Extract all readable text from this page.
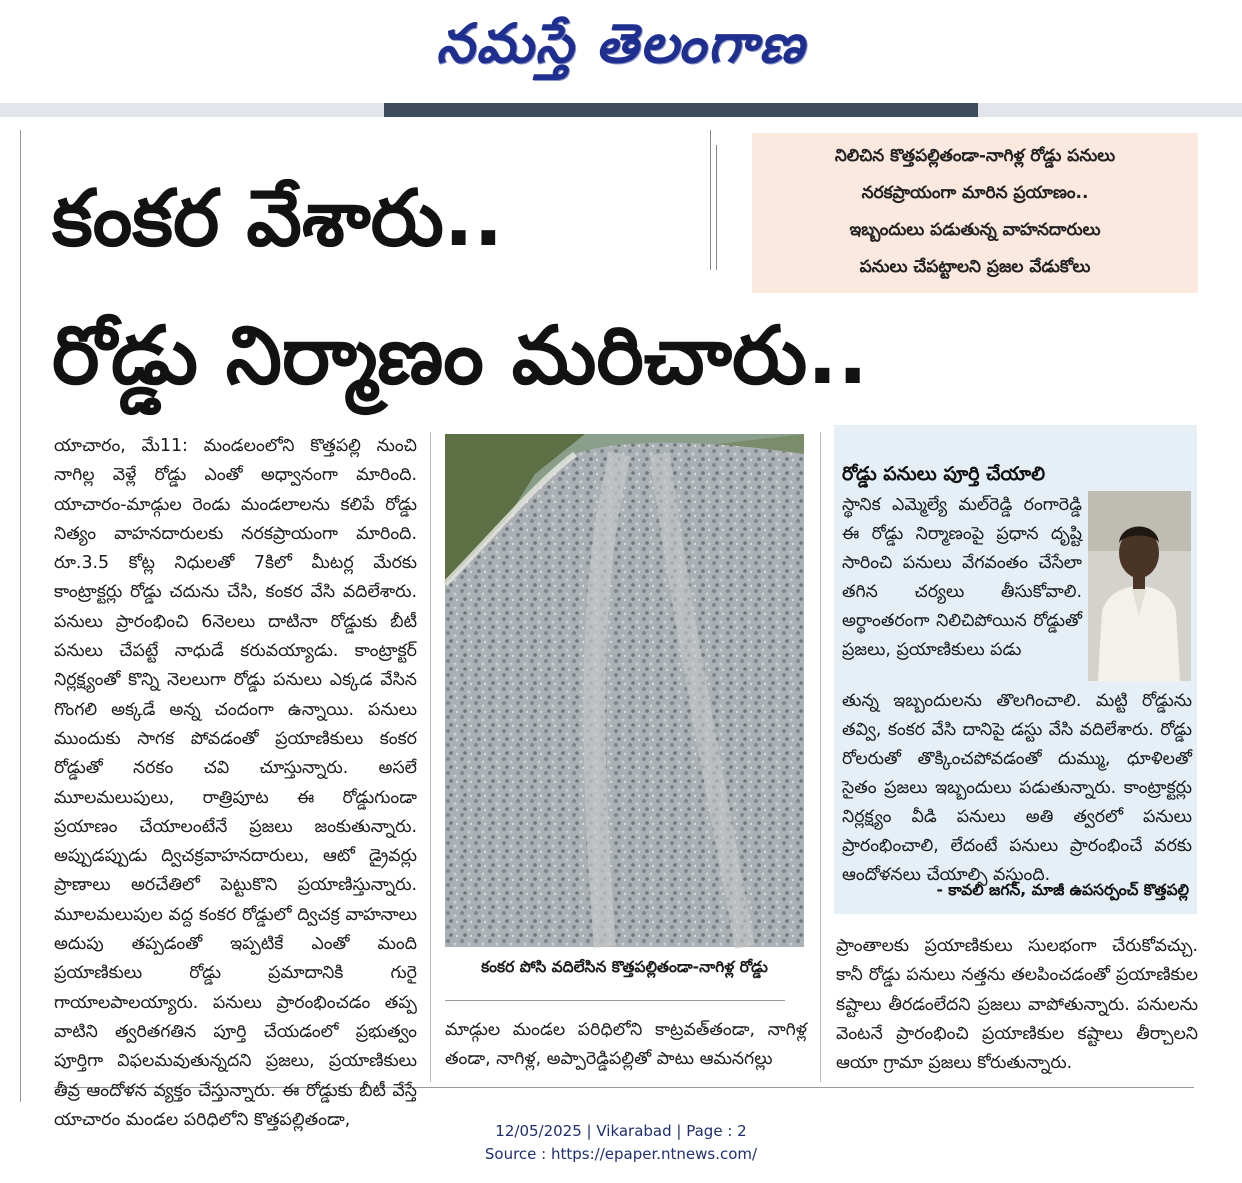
నమస్తే తెలంగాణ
కంకర వేశారు..
రోడ్డు నిర్మాణం మరిచారు..
నిలిచిన కొత్తపల్లితండా-నాగిళ్ల రోడ్డు పనులు
నరకప్రాయంగా మారిన ప్రయాణం..
ఇబ్బందులు పడుతున్న వాహనదారులు
పనులు చేపట్టాలని ప్రజల వేడుకోలు
యాచారం, మే11: మండలంలోని కొత్తపల్లి నుంచి నాగిల్ల వెళ్లే రోడ్డు ఎంతో అధ్వానంగా మారింది. యాచారం-మాడ్గుల రెండు మండలాలను కలిపే రోడ్డు నిత్యం వాహనదారులకు నరకప్రాయంగా మారింది. రూ.3.5 కోట్ల నిధులతో 7కిలో మీటర్ల మేరకు కాంట్రాక్టర్లు రోడ్డు చదును చేసి, కంకర వేసి వదిలేశారు. పనులు ప్రారంభించి 6నెలలు దాటినా రోడ్డుకు బీటీ పనులు చేపట్టే నాధుడే కరువయ్యాడు. కాంట్రాక్టర్ నిర్లక్ష్యంతో కొన్ని నెలలుగా రోడ్డు పనులు ఎక్కడ వేసిన గొంగలి అక్కడే అన్న చందంగా ఉన్నాయి. పనులు ముందుకు సాగక పోవడంతో ప్రయాణికులు కంకర రోడ్డుతో నరకం చవి చూస్తున్నారు. అసలే మూలమలుపులు, రాత్రిపూట ఈ రోడ్డుగుండా ప్రయాణం చేయాలంటేనే ప్రజలు జంకుతున్నారు. అప్పుడప్పుడు ద్విచక్రవాహనదారులు, ఆటో డ్రైవర్లు ప్రాణాలు అరచేతిలో పెట్టుకొని ప్రయాణిస్తున్నారు. మూలమలుపుల వద్ద కంకర రోడ్డులో ద్విచక్ర వాహనాలు అదుపు తప్పడంతో ఇప్పటికే ఎంతో మంది ప్రయాణికులు రోడ్డు ప్రమాదానికి గురై గాయాలపాలయ్యారు. పనులు ప్రారంభించడం తప్ప వాటిని త్వరితగతిన పూర్తి చేయడంలో ప్రభుత్వం పూర్తిగా విఫలమవుతున్నదని ప్రజలు, ప్రయాణికులు తీవ్ర ఆందోళన వ్యక్తం చేస్తున్నారు. ఈ రోడ్డుకు బీటీ వేస్తే యాచారం మండల పరిధిలోని కొత్తపల్లితండా,
కంకర పోసి వదిలేసిన కొత్తపల్లితండా-నాగిళ్ల రోడ్డు
మాడ్గుల మండల పరిధిలోని కాట్రవత్‌తండా, నాగిళ్ల తండా, నాగిళ్ల, అప్పారెడ్డిపల్లితో పాటు ఆమనగల్లు
రోడ్డు పనులు పూర్తి చేయాలి
స్థానిక ఎమ్మెల్యే మల్‌రెడ్డి రంగారెడ్డి ఈ రోడ్డు నిర్మాణంపై ప్రధాన దృష్టి సారించి పనులు వేగవంతం చేసేలా తగిన చర్యలు తీసుకోవాలి. అర్థాంతరంగా నిలిచిపోయిన రోడ్డుతో ప్రజలు, ప్రయాణికులు పడు
తున్న ఇబ్బందులను తొలగించాలి. మట్టి రోడ్డును తవ్వి, కంకర వేసి దానిపై డస్టు వేసి వదిలేశారు. రోడ్డు రోలరుతో తొక్కించపోవడంతో దుమ్ము, ధూళిలతో సైతం ప్రజలు ఇబ్బందులు పడుతున్నారు. కాంట్రాక్టర్లు నిర్లక్ష్యం వీడి పనులు అతి త్వరలో పనులు ప్రారంభించాలి, లేదంటే పనులు ప్రారంభించే వరకు ఆందోళనలు చేయాల్సి వస్తుంది.
- కావలి జగన్, మాజీ ఉపసర్పంచ్ కొత్తపల్లి
ప్రాంతాలకు ప్రయాణికులు సులభంగా చేరుకోవచ్చు. కానీ రోడ్డు పనులు నత్తను తలపించడంతో ప్రయాణికుల కష్టాలు తీరడంలేదని ప్రజలు వాపోతున్నారు. పనులను వెంటనే ప్రారంభించి ప్రయాణికుల కష్టాలు తీర్చాలని ఆయా గ్రామా ప్రజలు కోరుతున్నారు.
12/05/2025 | Vikarabad | Page : 2
Source : https://epaper.ntnews.com/
